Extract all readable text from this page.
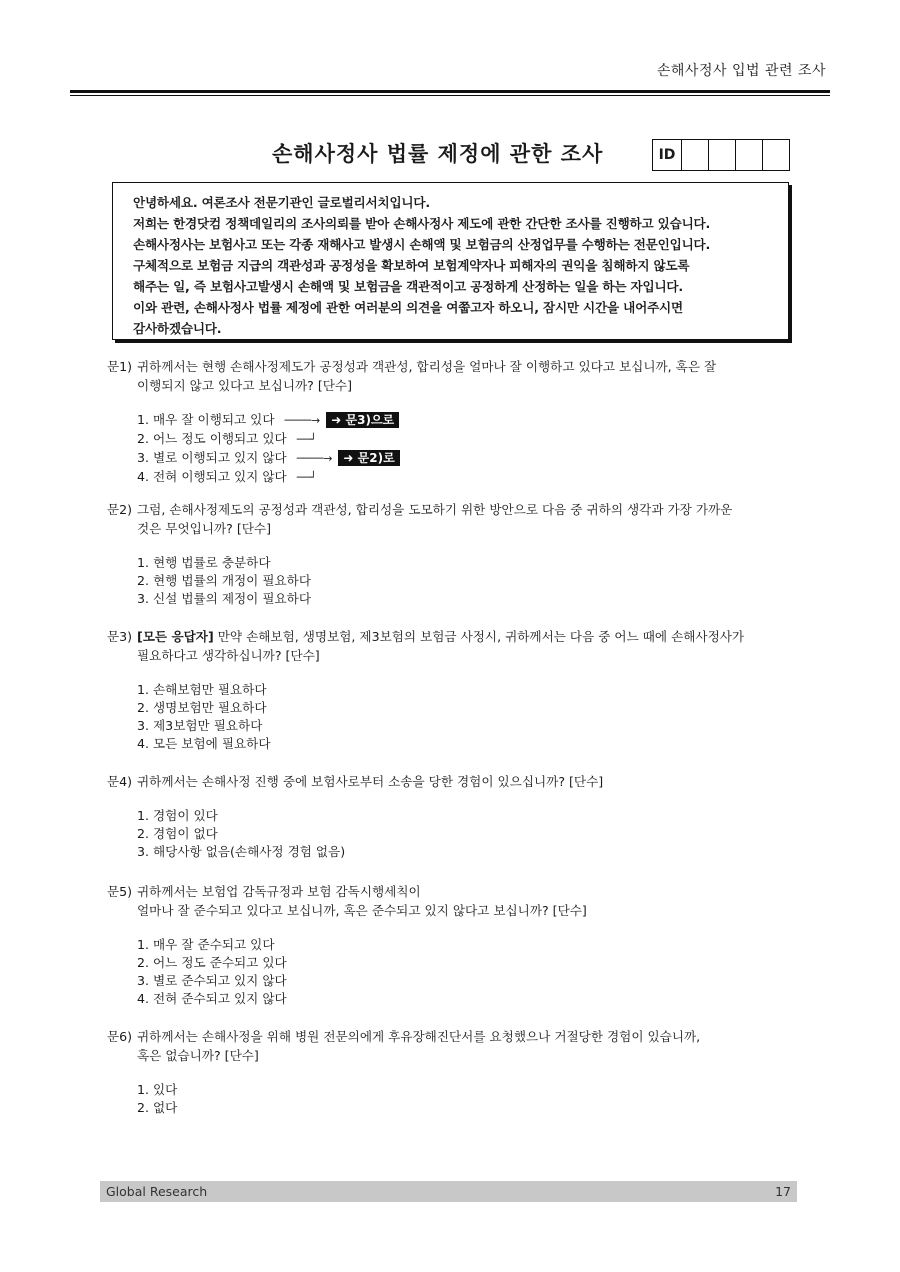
손해사정사 입법 관련 조사
손해사정사 법률 제정에 관한 조사	ID
안녕하세요. 여론조사 전문기관인 글로벌리서치입니다.
저희는 한경닷컴 정책데일리의 조사의뢰를 받아 손해사정사 제도에 관한 간단한 조사를 진행하고 있습니다.
손해사정사는 보험사고 또는 각종 재해사고 발생시 손해액 및 보험금의 산정업무를 수행하는 전문인입니다.
구체적으로 보험금 지급의 객관성과 공정성을 확보하여 보험계약자나 피해자의 권익을 침해하지 않도록
해주는 일, 즉 보험사고발생시 손해액 및 보험금을 객관적이고 공정하게 산정하는 일을 하는 자입니다.
이와 관련, 손해사정사 법률 제정에 관한 여러분의 의견을 여쭙고자 하오니, 잠시만 시간을 내어주시면
감사하겠습니다.
문1) 귀하께서는 현행 손해사정제도가 공정성과 객관성, 합리성을 얼마나 잘 이행하고 있다고 보십니까, 혹은 잘
이행되지 않고 있다고 보십니까? [단수]
1. 매우 잘 이행되고 있다 ────→ ➜ 문3)으로
2. 어느 정도 이행되고 있다 ──┘
3. 별로 이행되고 있지 않다 ────→ ➜ 문2)로
4. 전혀 이행되고 있지 않다 ──┘
문2) 그럼, 손해사정제도의 공정성과 객관성, 합리성을 도모하기 위한 방안으로 다음 중 귀하의 생각과 가장 가까운
것은 무엇입니까? [단수]
1. 현행 법률로 충분하다
2. 현행 법률의 개정이 필요하다
3. 신설 법률의 제정이 필요하다
문3) [모든 응답자] 만약 손해보험, 생명보험, 제3보험의 보험금 사정시, 귀하께서는 다음 중 어느 때에 손해사정사가
필요하다고 생각하십니까? [단수]
1. 손해보험만 필요하다
2. 생명보험만 필요하다
3. 제3보험만 필요하다
4. 모든 보험에 필요하다
문4) 귀하께서는 손해사정 진행 중에 보험사로부터 소송을 당한 경험이 있으십니까? [단수]
1. 경험이 있다
2. 경험이 없다
3. 해당사항 없음(손해사정 경험 없음)
문5) 귀하께서는 보험업 감독규정과 보험 감독시행세칙이
얼마나 잘 준수되고 있다고 보십니까, 혹은 준수되고 있지 않다고 보십니까? [단수]
1. 매우 잘 준수되고 있다
2. 어느 정도 준수되고 있다
3. 별로 준수되고 있지 않다
4. 전혀 준수되고 있지 않다
문6) 귀하께서는 손해사정을 위해 병원 전문의에게 후유장해진단서를 요청했으나 거절당한 경험이 있습니까,
혹은 없습니까? [단수]
1. 있다
2. 없다
Global Research	17
